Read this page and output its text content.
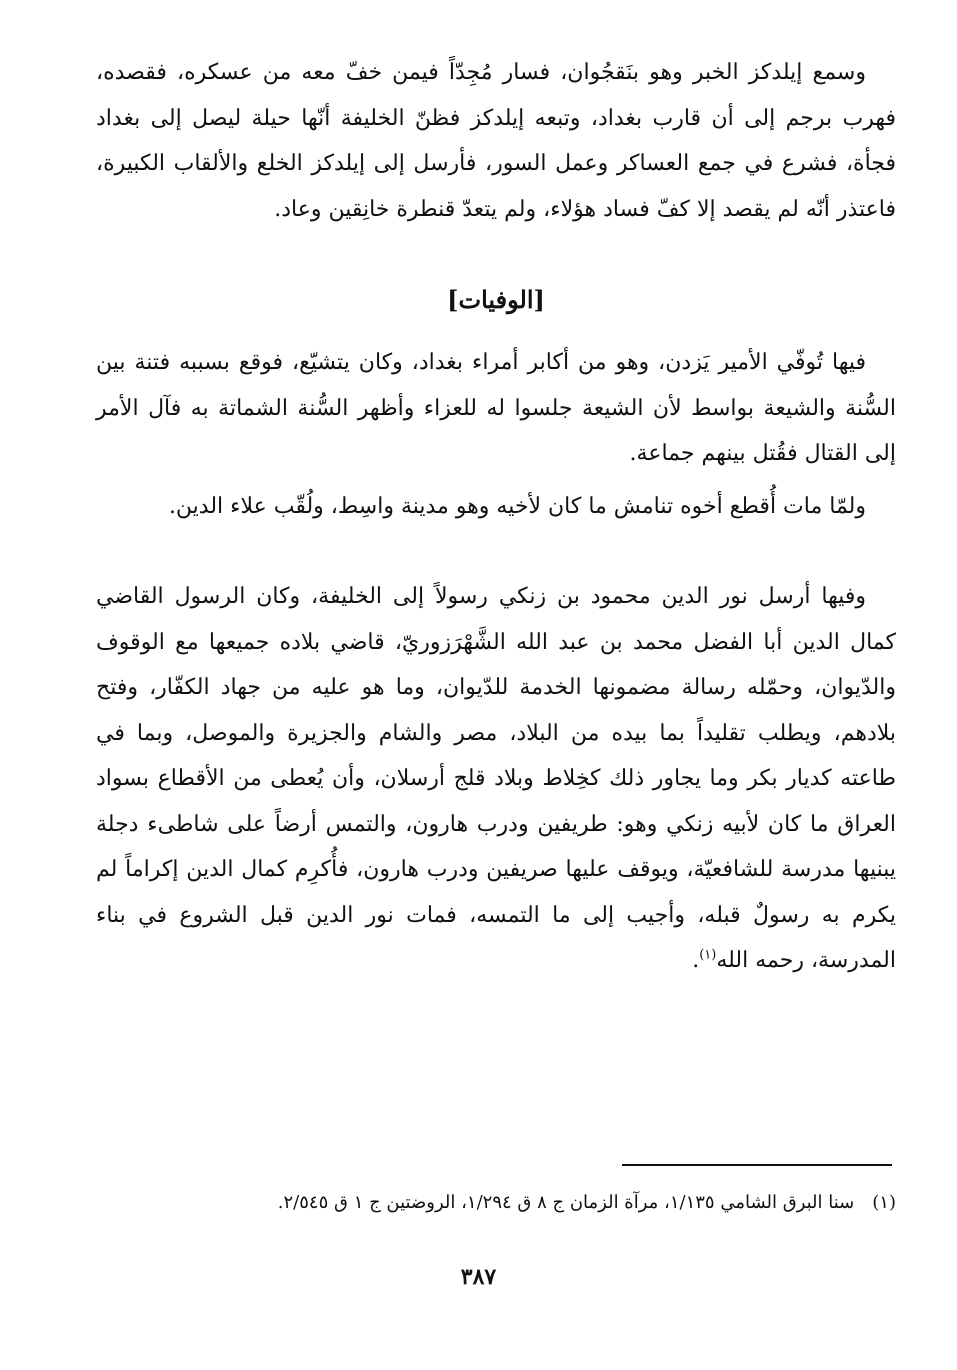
وسمع إيلدكز الخبر وهو بنَقجُوان، فسار مُجِدّاً فيمن خفّ معه من عسكره، فقصده، فهرب برجم إلى أن قارب بغداد، وتبعه إيلدكز فظنّ الخليفة أنّها حيلة ليصل إلى بغداد فجأة، فشرع في جمع العساكر وعمل السور، فأرسل إلى إيلدكز الخلع والألقاب الكبيرة، فاعتذر أنّه لم يقصد إلا كفّ فساد هؤلاء، ولم يتعدّ قنطرة خانِقين وعاد.

[الوفيات]

فيها تُوفّي الأمير يَزدن، وهو من أكابر أمراء بغداد، وكان يتشيّع، فوقع بسببه فتنة بين السُّنة والشيعة بواسط لأن الشيعة جلسوا له للعزاء وأظهر السُّنة الشماتة به فآل الأمر إلى القتال فقُتل بينهم جماعة.

ولمّا مات أُقطع أخوه تنامش ما كان لأخيه وهو مدينة واسِط، ولُقّب علاء الدين.

وفيها أرسل نور الدين محمود بن زنكي رسولاً إلى الخليفة، وكان الرسول القاضي كمال الدين أبا الفضل محمد بن عبد الله الشَّهْرَزوريّ، قاضي بلاده جميعها مع الوقوف والدّيوان، وحمّله رسالة مضمونها الخدمة للدّيوان، وما هو عليه من جهاد الكفّار، وفتح بلادهم، ويطلب تقليداً بما بيده من البلاد، مصر والشام والجزيرة والموصل، وبما في طاعته كديار بكر وما يجاور ذلك كخِلاط وبلاد قلج أرسلان، وأن يُعطى من الأقطاع بسواد العراق ما كان لأبيه زنكي وهو: طريفين ودرب هارون، والتمس أرضاً على شاطىء دجلة يبنيها مدرسة للشافعيّة، ويوقف عليها صريفين ودرب هارون، فأُكرِم كمال الدين إكراماً لم يكرم به رسولٌ قبله، وأجيب إلى ما التمسه، فمات نور الدين قبل الشروع في بناء المدرسة، رحمه الله$^{(١)}$.

(١)سنا البرق الشامي ١/١٣٥، مرآة الزمان ج ٨ ق ١/٢٩٤، الروضتين ج ١ ق ٢/٥٤٥.
٣٨٧
